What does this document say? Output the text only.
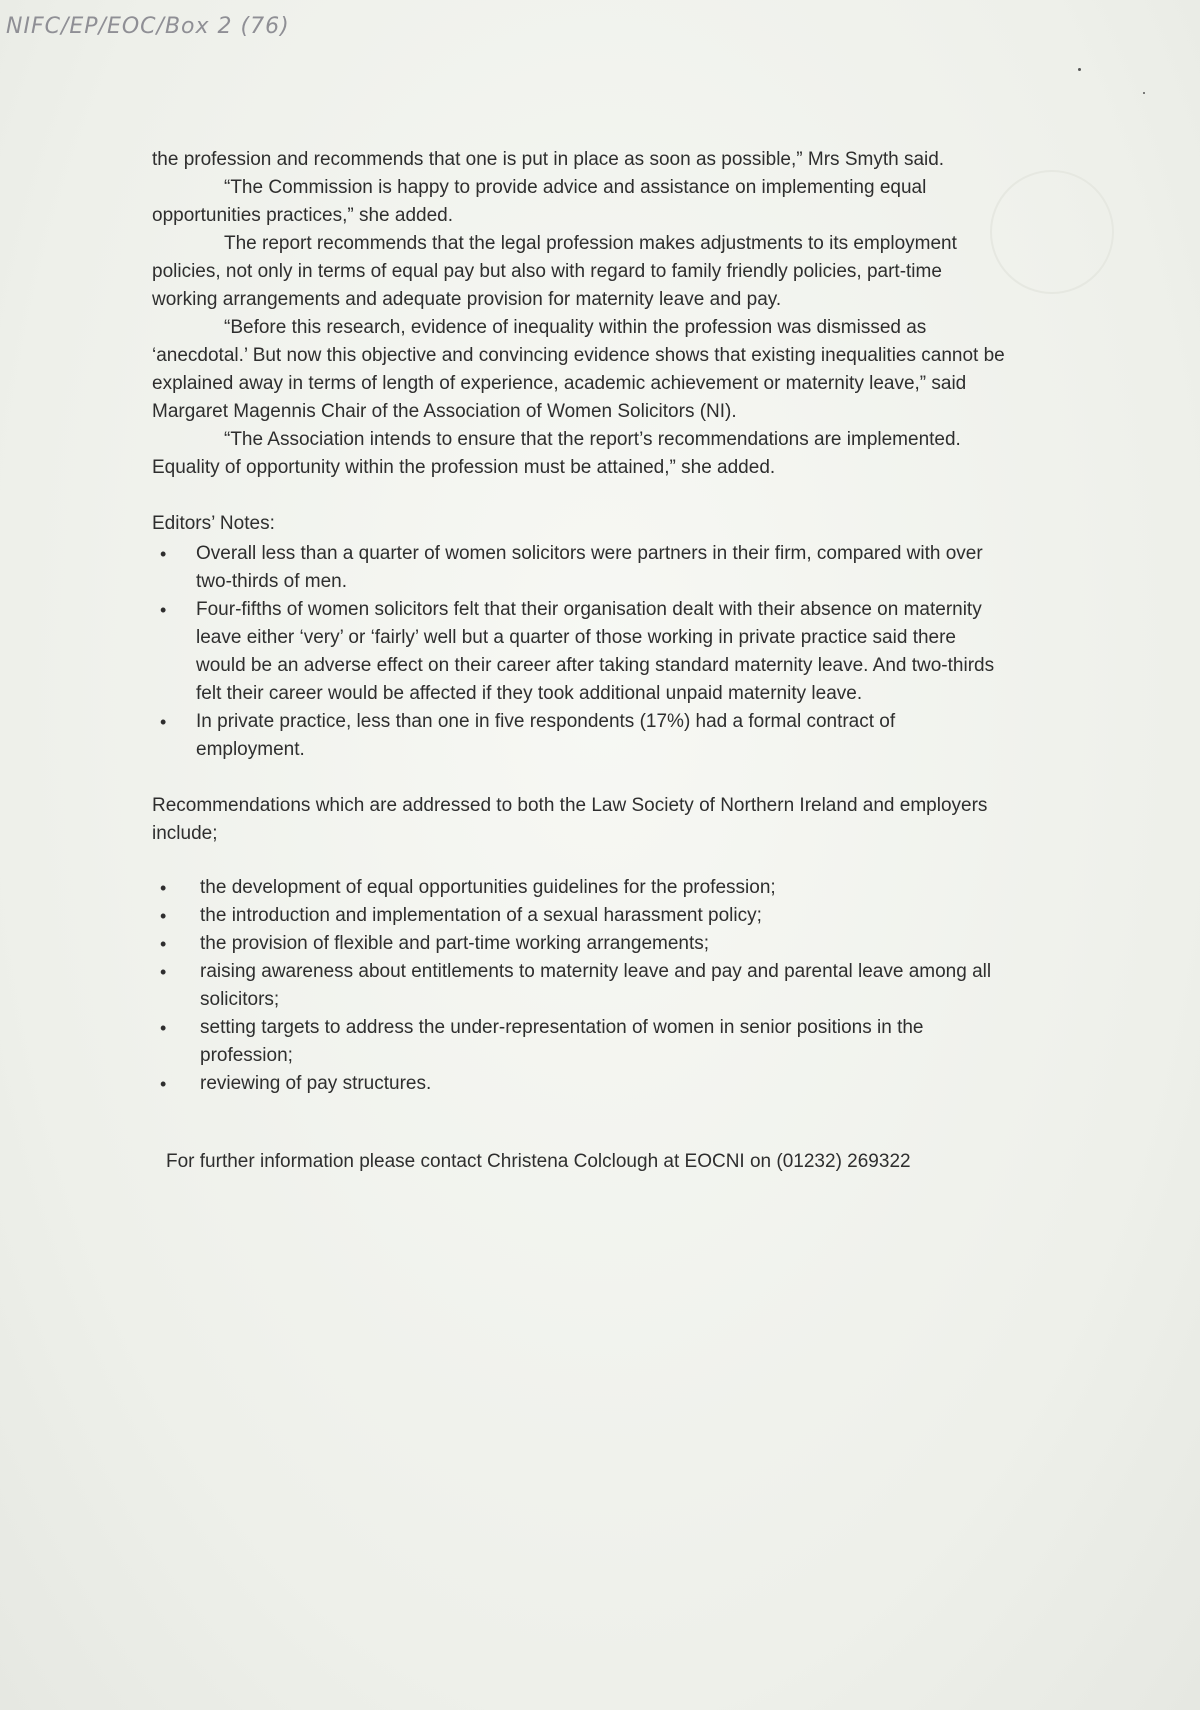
NIFC/EP/EOC/Box 2 (76)

the profession and recommends that one is put in place as soon as possible,” Mrs Smyth said.

“The Commission is happy to provide advice and assistance on implementing equal opportunities practices,” she added.

The report recommends that the legal profession makes adjustments to its employment policies, not only in terms of equal pay but also with regard to family friendly policies, part-time working arrangements and adequate provision for maternity leave and pay.

“Before this research, evidence of inequality within the profession was dismissed as ‘anecdotal.’ But now this objective and convincing evidence shows that existing inequalities cannot be explained away in terms of length of experience, academic achievement or maternity leave,” said Margaret Magennis Chair of the Association of Women Solicitors (NI).

“The Association intends to ensure that the report’s recommendations are implemented. Equality of opportunity within the profession must be attained,” she added.

Editors’ Notes:

• Overall less than a quarter of women solicitors were partners in their firm, compared with over two-thirds of men.
• Four-fifths of women solicitors felt that their organisation dealt with their absence on maternity leave either ‘very’ or ‘fairly’ well but a quarter of those working in private practice said there would be an adverse effect on their career after taking standard maternity leave. And two-thirds felt their career would be affected if they took additional unpaid maternity leave.
• In private practice, less than one in five respondents (17%) had a formal contract of employment.

Recommendations which are addressed to both the Law Society of Northern Ireland and employers include;

• the development of equal opportunities guidelines for the profession;
• the introduction and implementation of a sexual harassment policy;
• the provision of flexible and part-time working arrangements;
• raising awareness about entitlements to maternity leave and pay and parental leave among all solicitors;
• setting targets to address the under-representation of women in senior positions in the profession;
• reviewing of pay structures.

For further information please contact Christena Colclough at EOCNI on (01232) 269322
